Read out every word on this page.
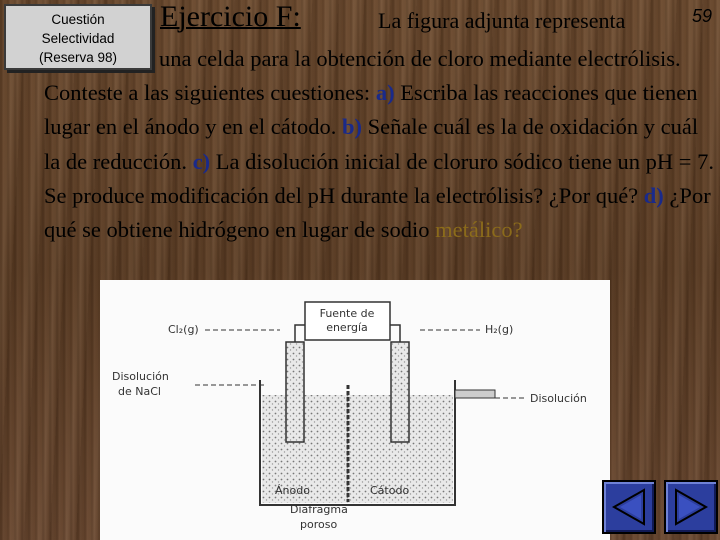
Cuestión
Selectividad
(Reserva 98)
59
Ejercicio F:	La figura adjunta representa
una celda para la obtención de cloro mediante electrólisis. Conteste a las siguientes cuestiones: a) Escriba las reacciones que tienen lugar en el ánodo y en el cátodo. b) Señale cuál es la de oxidación y cuál la de reducción. c) La disolución inicial de cloruro sódico tiene un pH = 7. Se produce modificación del pH durante la electrólisis? ¿Por qué? d) ¿Por qué se obtiene hidrógeno en lugar de sodio metálico?
Fuente de
energía
Cl₂(g)	H₂(g)
Disolución
de NaCl
Disolución
Ánodo	Cátodo
Diafragma
poroso
